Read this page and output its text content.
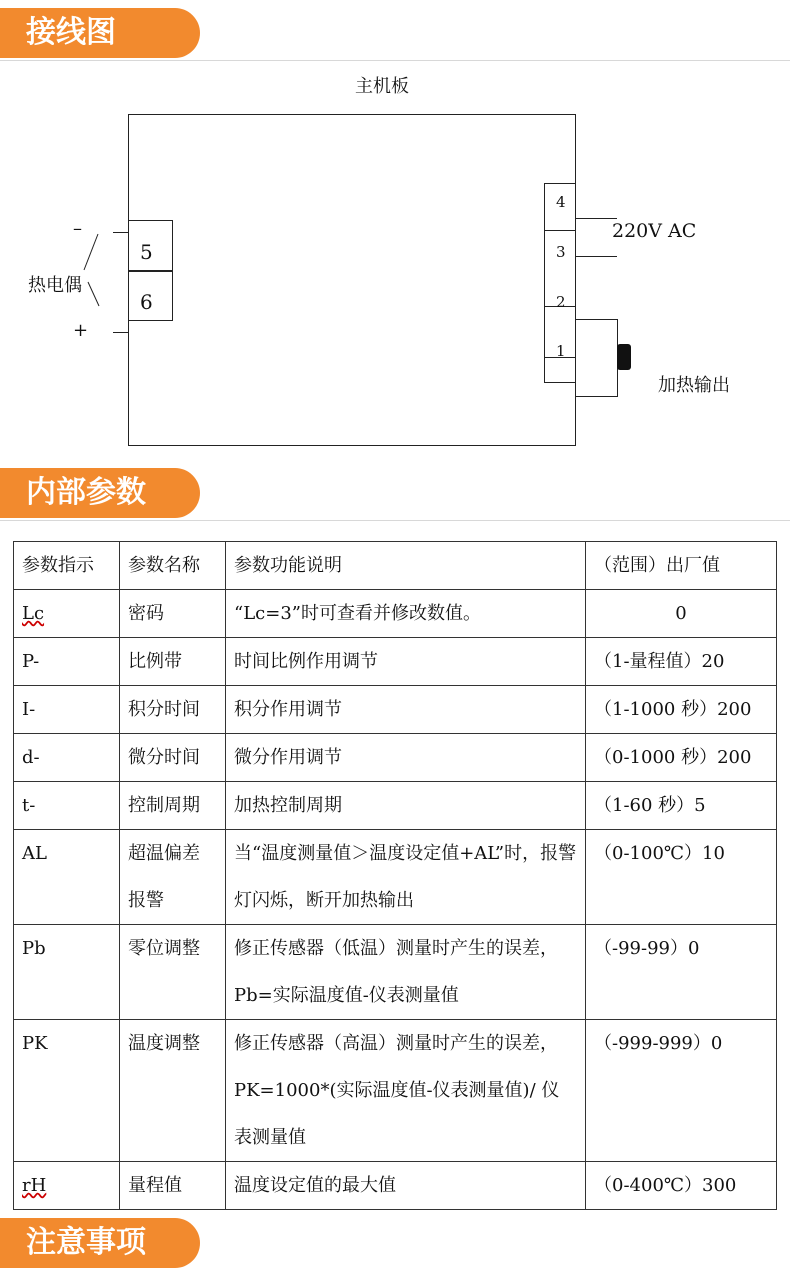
接线图
主机板
5
6
–
+
热电偶
4
3
2
1
220V AC
加热输出
内部参数
参数指示	参数名称	参数功能说明	（范围）出厂值
Lc	密码	“Lc=3”时可查看并修改数值。	0
P-	比例带	时间比例作用调节	（1-量程值）20
I-	积分时间	积分作用调节	（1-1000 秒）200
d-	微分时间	微分作用调节	（0-1000 秒）200
t-	控制周期	加热控制周期	（1-60 秒）5
AL	超温偏差报警	当“温度测量值＞温度设定值+AL”时，报警灯闪烁，断开加热输出	（0-100℃）10
Pb	零位调整	修正传感器（低温）测量时产生的误差，Pb=实际温度值-仪表测量值	（-99-99）0
PK	温度调整	修正传感器（高温）测量时产生的误差，PK=1000*(实际温度值-仪表测量值)/ 仪表测量值	（-999-999）0
rH	量程值	温度设定值的最大值	（0-400℃）300
注意事项
